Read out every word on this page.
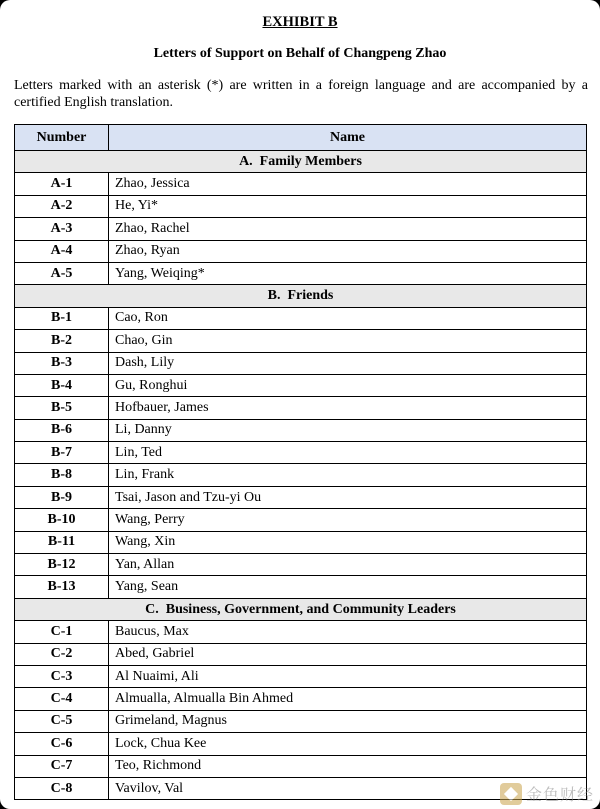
EXHIBIT B
Letters of Support on Behalf of Changpeng Zhao
Letters marked with an asterisk (*) are written in a foreign language and are accompanied by a certified English translation.
Number	Name
A.  Family Members	
A-1	Zhao, Jessica
A-2	He, Yi*
A-3	Zhao, Rachel
A-4	Zhao, Ryan
A-5	Yang, Weiqing*
B.  Friends	
B-1	Cao, Ron
B-2	Chao, Gin
B-3	Dash, Lily
B-4	Gu, Ronghui
B-5	Hofbauer, James
B-6	Li, Danny
B-7	Lin, Ted
B-8	Lin, Frank
B-9	Tsai, Jason and Tzu-yi Ou
B-10	Wang, Perry
B-11	Wang, Xin
B-12	Yan, Allan
B-13	Yang, Sean
C.  Business, Government, and Community Leaders	
C-1	Baucus, Max
C-2	Abed, Gabriel
C-3	Al Nuaimi, Ali
C-4	Almualla, Almualla Bin Ahmed
C-5	Grimeland, Magnus
C-6	Lock, Chua Kee
C-7	Teo, Richmond
C-8	Vavilov, Val	金色财经
